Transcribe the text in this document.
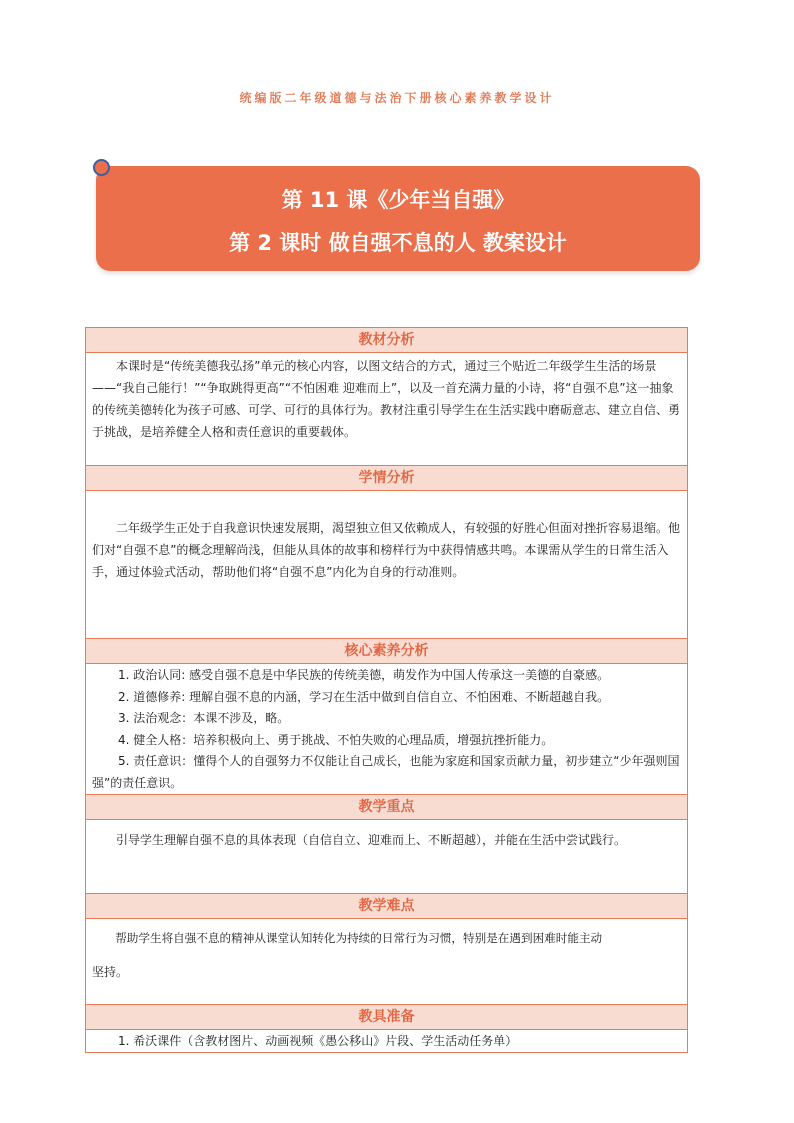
统编版二年级道德与法治下册核心素养教学设计
第 11 课《少年当自强》
第 2 课时 做自强不息的人 教案设计
教材分析

本课时是“传统美德我弘扬”单元的核心内容，以图文结合的方式，通过三个贴近二年级学生生活的场景——“我自己能行！”“争取跳得更高”“不怕困难 迎难而上”，以及一首充满力量的小诗，将“自强不息”这一抽象的传统美德转化为孩子可感、可学、可行的具体行为。教材注重引导学生在生活实践中磨砺意志、建立自信、勇于挑战，是培养健全人格和责任意识的重要载体。

学情分析

二年级学生正处于自我意识快速发展期，渴望独立但又依赖成人，有较强的好胜心但面对挫折容易退缩。他们对“自强不息”的概念理解尚浅，但能从具体的故事和榜样行为中获得情感共鸣。本课需从学生的日常生活入手，通过体验式活动，帮助他们将“自强不息”内化为自身的行动准则。

核心素养分析

1. 政治认同: 感受自强不息是中华民族的传统美德，萌发作为中国人传承这一美德的自豪感。

2. 道德修养: 理解自强不息的内涵，学习在生活中做到自信自立、不怕困难、不断超越自我。

3. 法治观念：本课不涉及，略。

4. 健全人格：培养积极向上、勇于挑战、不怕失败的心理品质，增强抗挫折能力。

5. 责任意识：懂得个人的自强努力不仅能让自己成长，也能为家庭和国家贡献力量，初步建立“少年强则国强”的责任意识。

教学重点

引导学生理解自强不息的具体表现（自信自立、迎难而上、不断超越），并能在生活中尝试践行。

教学难点

帮助学生将自强不息的精神从课堂认知转化为持续的日常行为习惯，特别是在遇到困难时能主动

坚持。

教具准备

1. 希沃课件（含教材图片、动画视频《愚公移山》片段、学生活动任务单）
